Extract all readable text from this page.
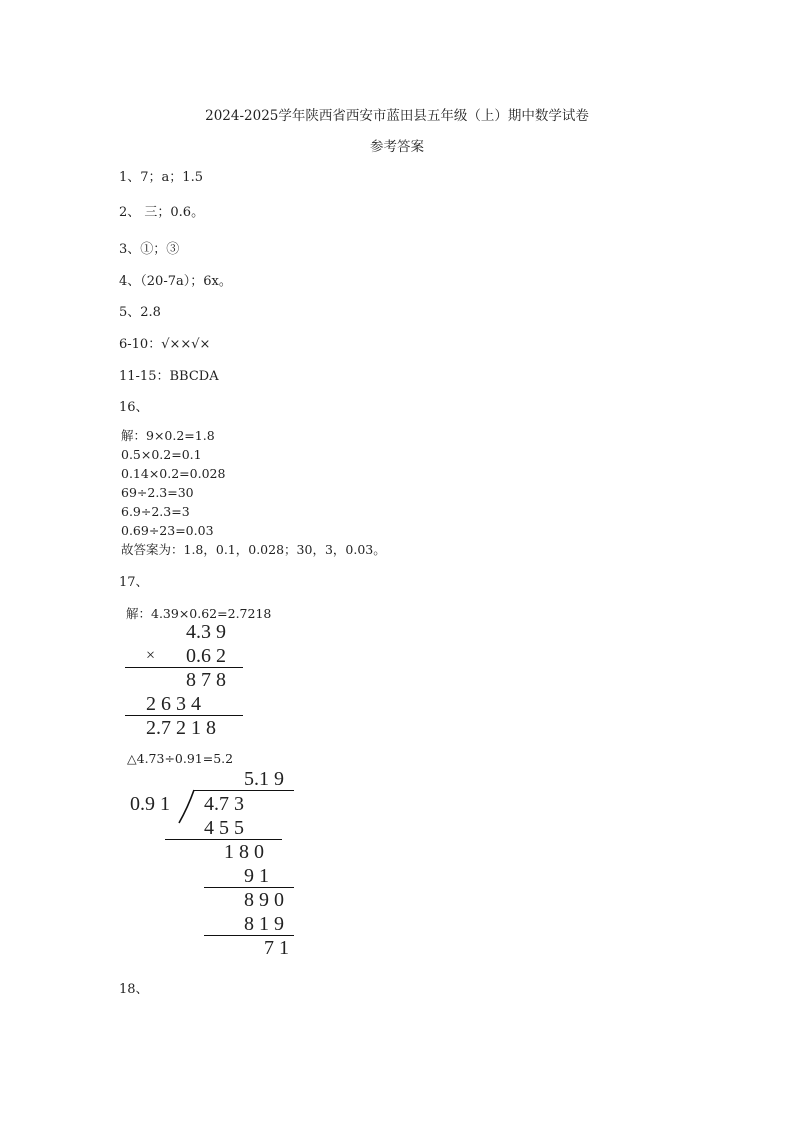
2024-2025学年陕西省西安市蓝田县五年级（上）期中数学试卷
参考答案
1、7；a；1.5
2、 三；0.6。
3、①；③
4、（20-7a）；6x。
5、2.8
6-10：√××√×
11-15：BBCDA
16、
解：9×0.2=1.8
0.5×0.2=0.1
0.14×0.2=0.028
69÷2.3=30
6.9÷2.3=3
0.69÷23=0.03
故答案为：1.8，0.1，0.028；30，3，0.03。
17、
解：4.39×0.62=2.7218
4.3 9
× 0.6 2
8 7 8
2 6 3 4
2.7 2 1 8
△4.73÷0.91=5.2
5.1 9
0.9 1 4.7 3
4 5 5
1 8 0
9 1
8 9 0
8 1 9
7 1
18、
